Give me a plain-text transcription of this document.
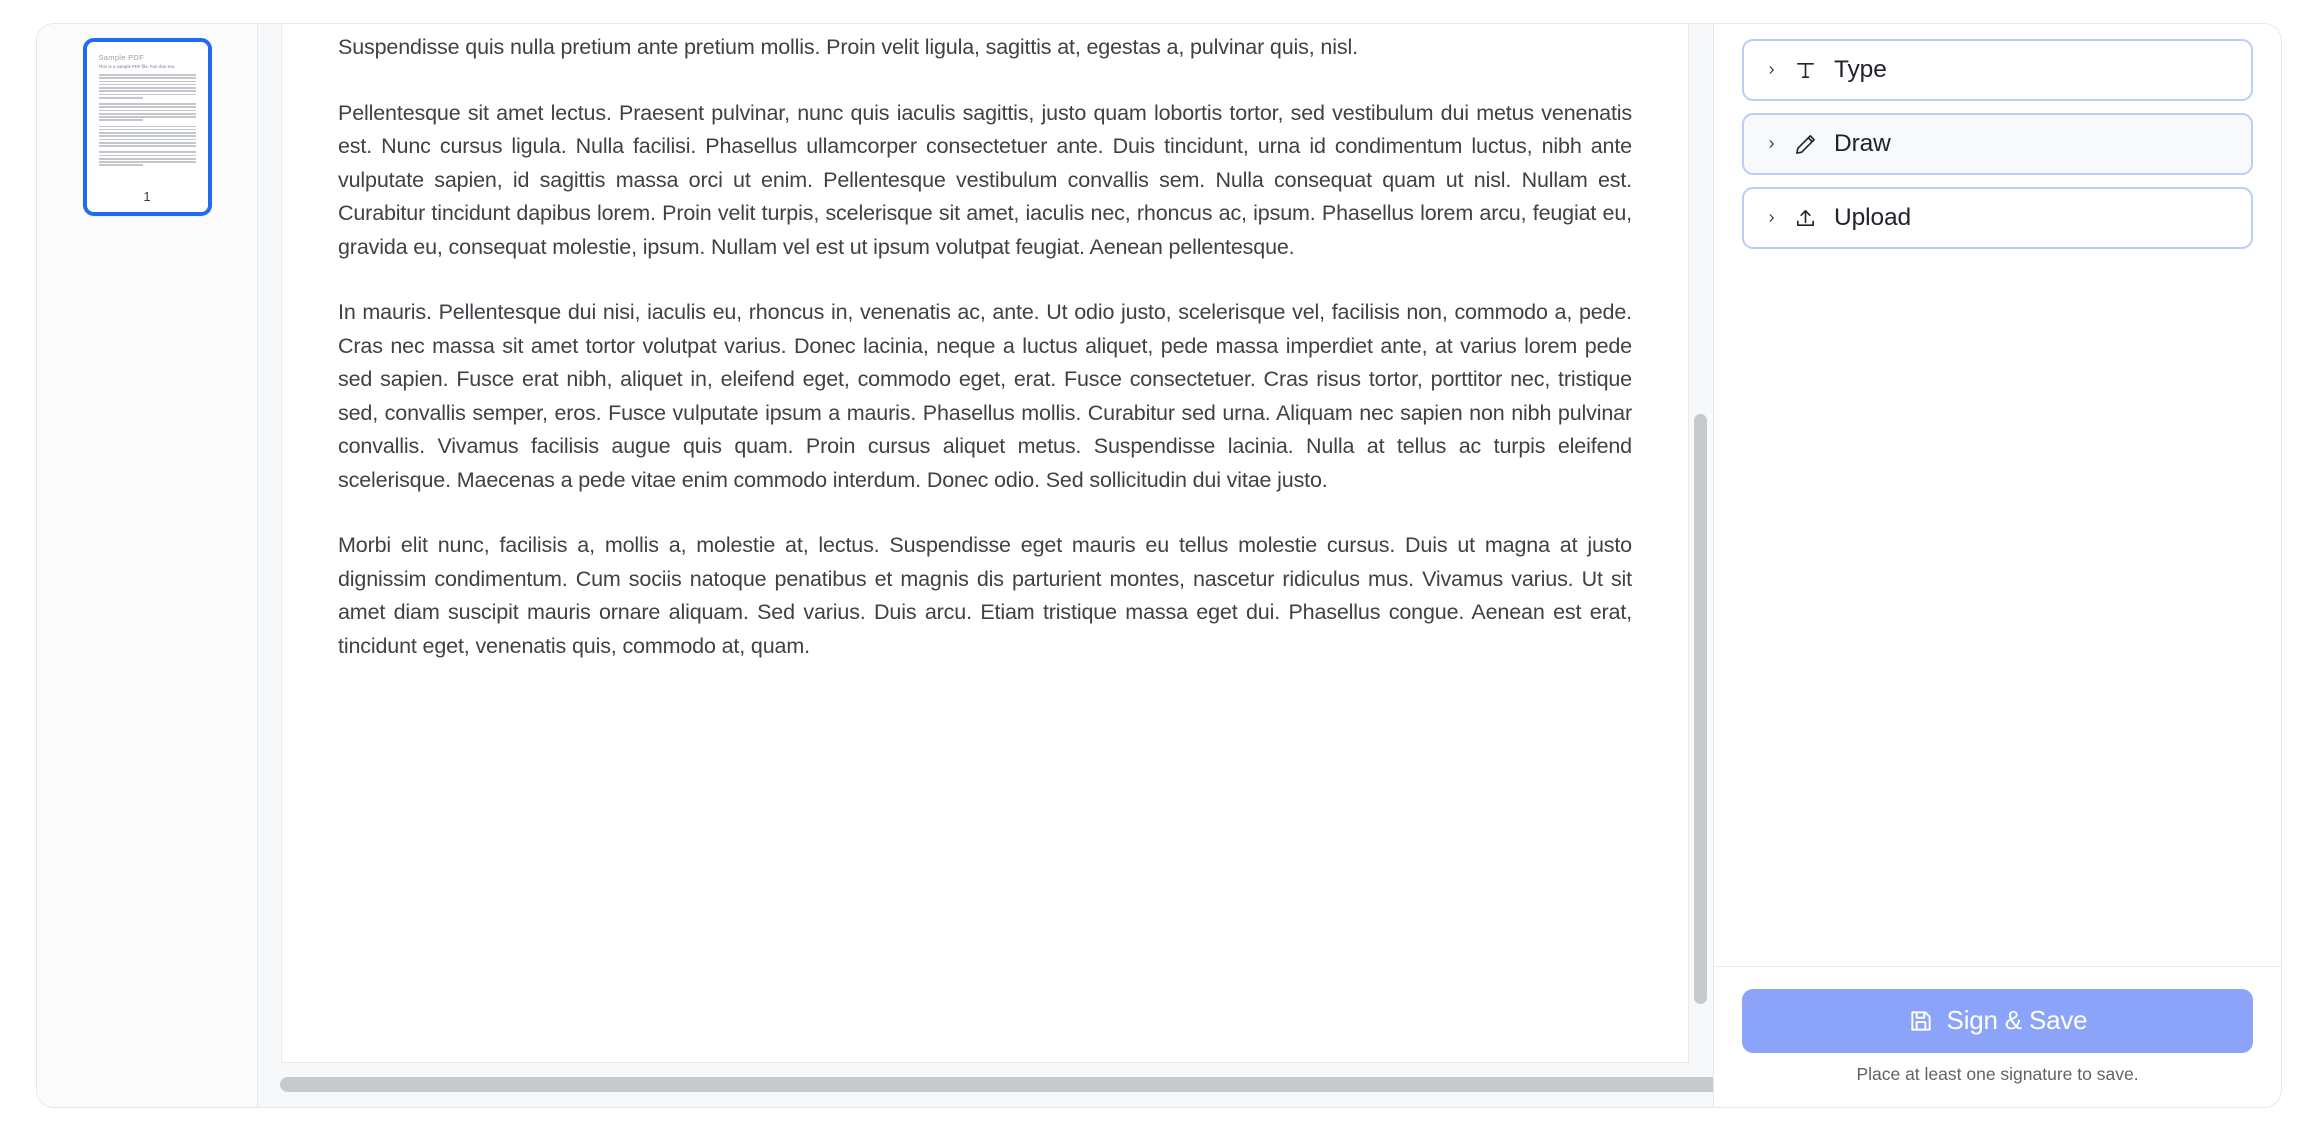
Sample PDF
This is a sample PDF file. Fun don too.
1

Suspendisse quis nulla pretium ante pretium mollis. Proin velit ligula, sagittis at, egestas a, pulvinar quis, nisl.

Pellentesque sit amet lectus. Praesent pulvinar, nunc quis iaculis sagittis, justo quam lobortis tortor, sed vestibulum dui metus venenatis est. Nunc cursus ligula. Nulla facilisi. Phasellus ullamcorper consectetuer ante. Duis tincidunt, urna id condimentum luctus, nibh ante vulputate sapien, id sagittis massa orci ut enim. Pellentesque vestibulum convallis sem. Nulla consequat quam ut nisl. Nullam est. Curabitur tincidunt dapibus lorem. Proin velit turpis, scelerisque sit amet, iaculis nec, rhoncus ac, ipsum. Phasellus lorem arcu, feugiat eu, gravida eu, consequat molestie, ipsum. Nullam vel est ut ipsum volutpat feugiat. Aenean pellentesque.

In mauris. Pellentesque dui nisi, iaculis eu, rhoncus in, venenatis ac, ante. Ut odio justo, scelerisque vel, facilisis non, commodo a, pede. Cras nec massa sit amet tortor volutpat varius. Donec lacinia, neque a luctus aliquet, pede massa imperdiet ante, at varius lorem pede sed sapien. Fusce erat nibh, aliquet in, eleifend eget, commodo eget, erat. Fusce consectetuer. Cras risus tortor, porttitor nec, tristique sed, convallis semper, eros. Fusce vulputate ipsum a mauris. Phasellus mollis. Curabitur sed urna. Aliquam nec sapien non nibh pulvinar convallis. Vivamus facilisis augue quis quam. Proin cursus aliquet metus. Suspendisse lacinia. Nulla at tellus ac turpis eleifend scelerisque. Maecenas a pede vitae enim commodo interdum. Donec odio. Sed sollicitudin dui vitae justo.

Morbi elit nunc, facilisis a, mollis a, molestie at, lectus. Suspendisse eget mauris eu tellus molestie cursus. Duis ut magna at justo dignissim condimentum. Cum sociis natoque penatibus et magnis dis parturient montes, nascetur ridiculus mus. Vivamus varius. Ut sit amet diam suscipit mauris ornare aliquam. Sed varius. Duis arcu. Etiam tristique massa eget dui. Phasellus congue. Aenean est erat, tincidunt eget, venenatis quis, commodo at, quam.

Type
Draw
Upload
Sign & Save
Place at least one signature to save.
